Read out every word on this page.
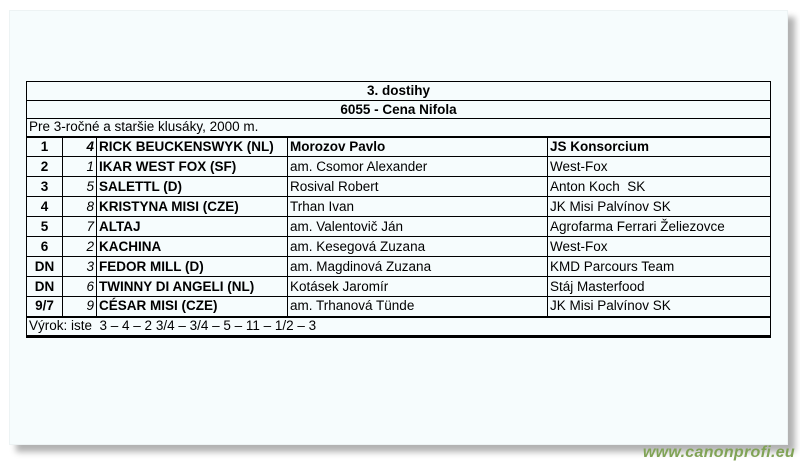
3. dostihy				
6055 - Cena Nifola				
Pre 3-ročné a staršie klusáky, 2000 m.				
1	4	RICK BEUCKENSWYK (NL)	Morozov Pavlo	JS Konsorcium
2	1	IKAR WEST FOX (SF)	am. Csomor Alexander	West-Fox
3	5	SALETTL (D)	Rosival Robert	Anton Koch  SK
4	8	KRISTYNA MISI (CZE)	Trhan Ivan	JK Misi Palvínov SK
5	7	ALTAJ	am. Valentovič Ján	Agrofarma Ferrari Želiezovce
6	2	KACHINA	am. Kesegová Zuzana	West-Fox
DN	3	FEDOR MILL (D)	am. Magdinová Zuzana	KMD Parcours Team
DN	6	TWINNY DI ANGELI (NL)	Kotásek Jaromír	Stáj Masterfood
9/7	9	CÉSAR MISI (CZE)	am. Trhanová Tünde	JK Misi Palvínov SK
Výrok: iste  3 – 4 – 2 3/4 – 3/4 – 5 – 11 – 1/2 – 3				
www.canonprofi.eu
